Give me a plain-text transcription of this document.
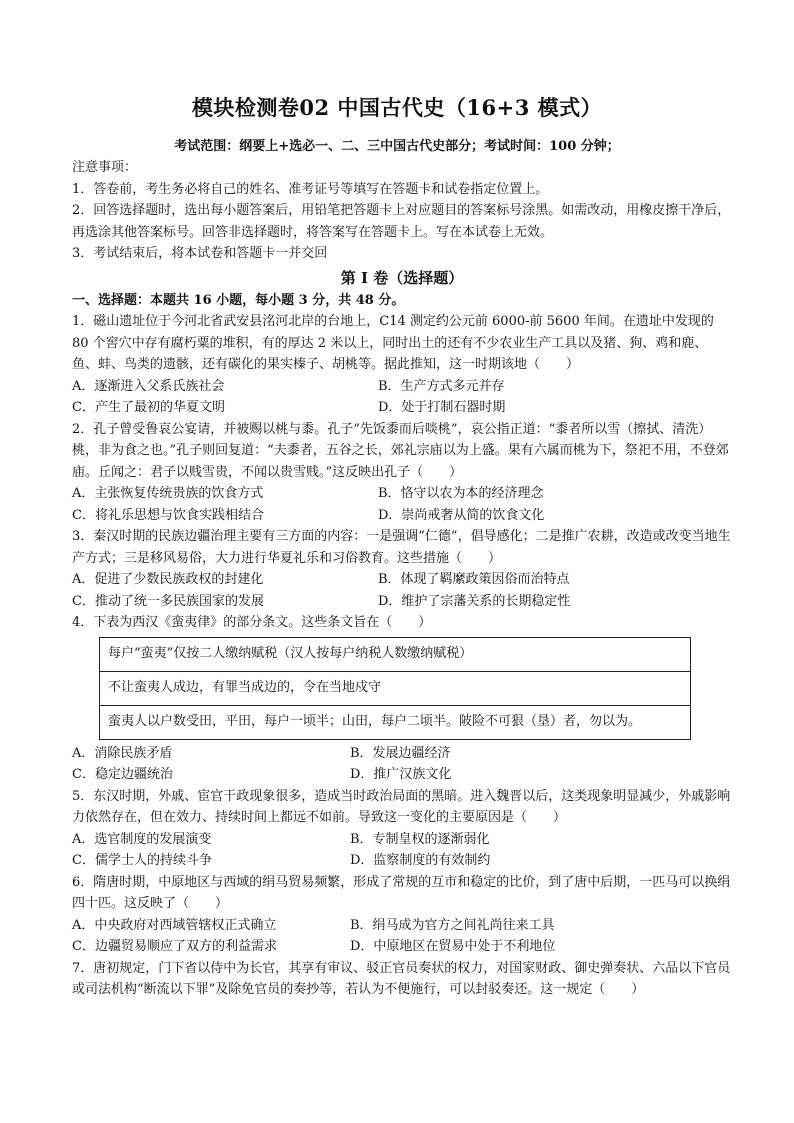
模块检测卷02 中国古代史（16+3 模式）
考试范围：纲要上+选必一、二、三中国古代史部分；考试时间：100 分钟；

注意事项：

1．答卷前，考生务必将自己的姓名、准考证号等填写在答题卡和试卷指定位置上。

2．回答选择题时，选出每小题答案后，用铅笔把答题卡上对应题目的答案标号涂黑。如需改动，用橡皮擦干净后，再选涂其他答案标号。回答非选择题时，将答案写在答题卡上。写在本试卷上无效。

3．考试结束后，将本试卷和答题卡一并交回

第 I 卷（选择题）

一、选择题：本题共 16 小题，每小题 3 分，共 48 分。

1．磁山遗址位于今河北省武安县洺河北岸的台地上，C14 测定约公元前 6000-前 5600 年间。在遗址中发现的 80 个窖穴中存有腐朽粟的堆积，有的厚达 2 米以上，同时出土的还有不少农业生产工具以及猪、狗、鸡和鹿、鱼、蚌、鸟类的遗骸，还有碳化的果实榛子、胡桃等。据此推知，这一时期该地（　　）

A．逐渐进入父系氏族社会	B．生产方式多元并存
C．产生了最初的华夏文明	D．处于打制石器时期

2．孔子曾受鲁哀公宴请，并被赐以桃与黍。孔子“先饭黍而后啖桃”，哀公指正道：“黍者所以雪（擦拭、清洗）桃，非为食之也。”孔子则回复道：“夫黍者，五谷之长，郊礼宗庙以为上盛。果有六属而桃为下，祭祀不用，不登郊庙。丘闻之：君子以贱雪贵，不闻以贵雪贱。”这反映出孔子（　　）

A．主张恢复传统贵族的饮食方式	B．恪守以农为本的经济理念
C．将礼乐思想与饮食实践相结合	D．崇尚戒奢从简的饮食文化

3．秦汉时期的民族边疆治理主要有三方面的内容：一是强调“仁德”，倡导感化；二是推广农耕，改造或改变当地生产方式；三是移风易俗，大力进行华夏礼乐和习俗教育。这些措施（　　）

A．促进了少数民族政权的封建化	B．体现了羁縻政策因俗而治特点
C．推动了统一多民族国家的发展	D．维护了宗藩关系的长期稳定性

4．下表为西汉《蛮夷律》的部分条文。这些条文旨在（　　）

每户“蛮夷”仅按二人缴纳赋税（汉人按每户纳税人数缴纳赋税）
不让蛮夷人成边，有罪当成边的，令在当地戍守
蛮夷人以户数受田，平田，每户一顷半；山田，每户二顷半。陂险不可狠（垦）者，勿以为。
A．消除民族矛盾	B．发展边疆经济
C．稳定边疆统治	D．推广汉族文化

5．东汉时期，外戚、宦官干政现象很多，造成当时政治局面的黑暗。进入魏晋以后，这类现象明显减少，外戚影响力依然存在，但在效力、持续时间上都远不如前。导致这一变化的主要原因是（　　）

A．选官制度的发展演变	B．专制皇权的逐渐弱化
C．儒学士人的持续斗争	D．监察制度的有效制约

6．隋唐时期，中原地区与西域的绢马贸易频繁，形成了常规的互市和稳定的比价，到了唐中后期，一匹马可以换绢四十匹。这反映了（　　）

A．中央政府对西域管辖权正式确立	B．绢马成为官方之间礼尚往来工具
C．边疆贸易顺应了双方的利益需求	D．中原地区在贸易中处于不利地位

7．唐初规定，门下省以侍中为长官，其享有审议、驳正官员奏状的权力，对国家财政、御史弹奏状、六品以下官员或司法机构“断流以下罪”及除免官员的奏抄等，若认为不便施行，可以封驳奏还。这一规定（　　）
